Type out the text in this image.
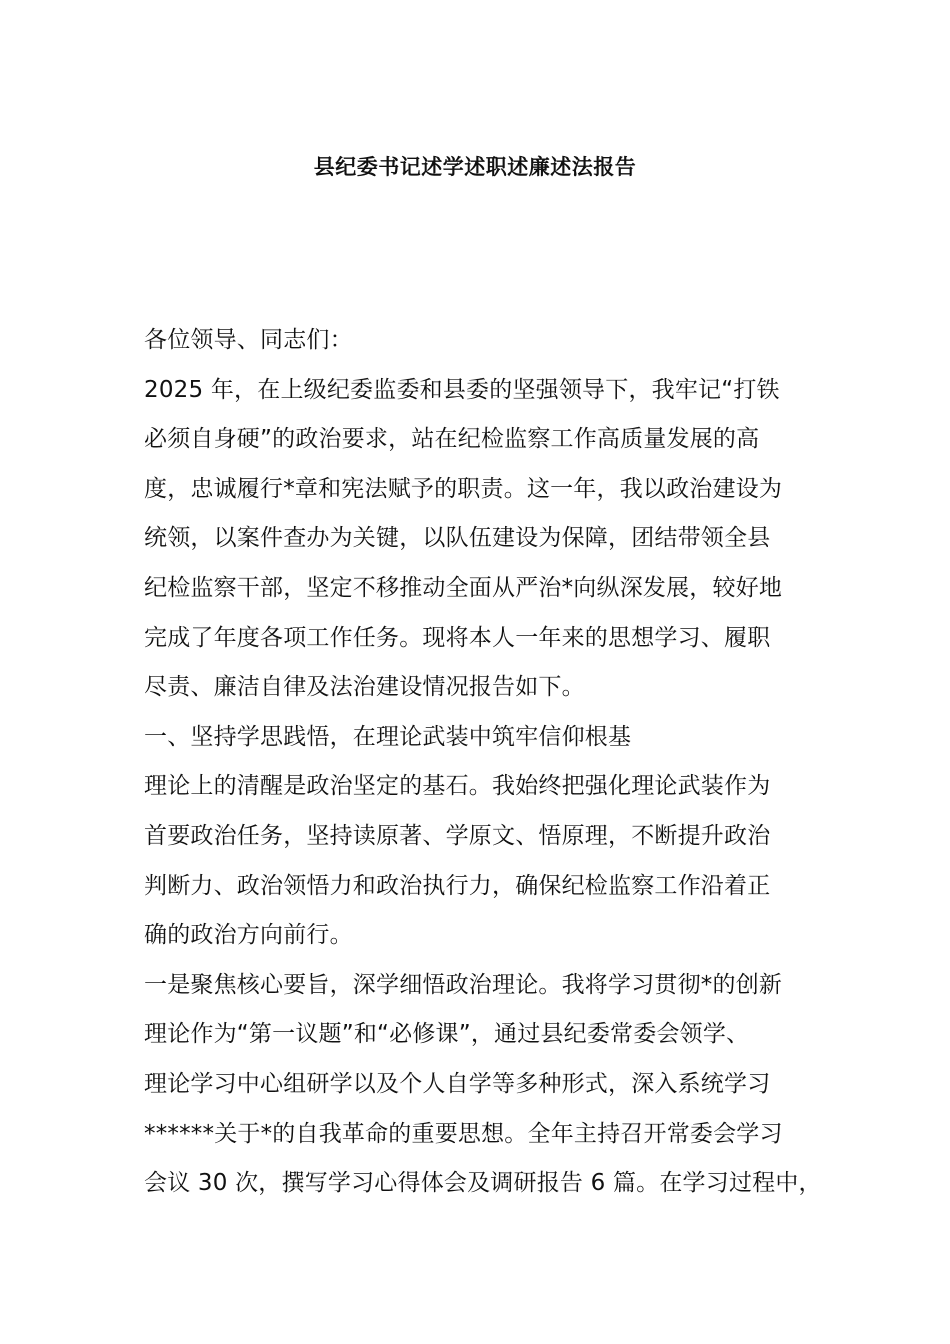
县纪委书记述学述职述廉述法报告
各位领导、同志们：
2025 年，在上级纪委监委和县委的坚强领导下，我牢记“打铁
必须自身硬”的政治要求，站在纪检监察工作高质量发展的高
度，忠诚履行*章和宪法赋予的职责。这一年，我以政治建设为
统领，以案件查办为关键，以队伍建设为保障，团结带领全县
纪检监察干部，坚定不移推动全面从严治*向纵深发展，较好地
完成了年度各项工作任务。现将本人一年来的思想学习、履职
尽责、廉洁自律及法治建设情况报告如下。
一、坚持学思践悟，在理论武装中筑牢信仰根基
理论上的清醒是政治坚定的基石。我始终把强化理论武装作为
首要政治任务，坚持读原著、学原文、悟原理，不断提升政治
判断力、政治领悟力和政治执行力，确保纪检监察工作沿着正
确的政治方向前行。
一是聚焦核心要旨，深学细悟政治理论。我将学习贯彻*的创新
理论作为“第一议题”和“必修课”，通过县纪委常委会领学、
理论学习中心组研学以及个人自学等多种形式，深入系统学习
******关于*的自我革命的重要思想。全年主持召开常委会学习
会议 30 次，撰写学习心得体会及调研报告 6 篇。在学习过程中，
